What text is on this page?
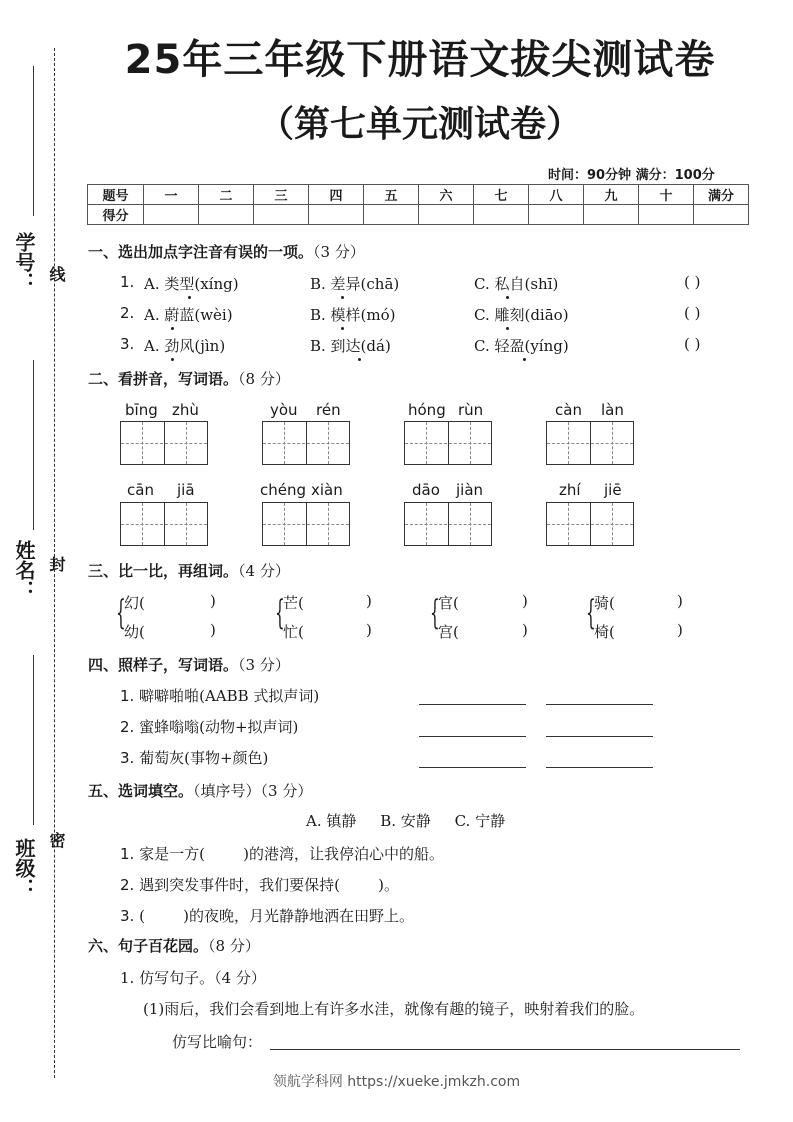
学号：
姓名：
班级：
线
封
密
25年三年级下册语文拔尖测试卷
（第七单元测试卷）
时间：90分钟 满分：100分
题号	一	二	三	四	五	六	七	八	九	十	满分
得分											
一、选出加点字注音有误的一项。（3 分）
1. A. 类型(xíng)	B. 差异(chā)	C. 私自(shī)	( )
2. A. 蔚蓝(wèi)	B. 模样(mó)	C. 雕刻(diāo)	( )
3. A. 劲风(jìn)	B. 到达(dá)	C. 轻盈(yíng)	( )
二、看拼音，写词语。（8 分）
bīng zhù	yòu rén	hóng rùn	càn làn
cān jiā	chéng xiàn	dāo jiàn	zhí jiē
三、比一比，再组词。（4 分）
{
幻(	)
幼(	) {
芒(	)
忙(	) {
官(	)
宫(	) {
骑(	)
椅(	)
四、照样子，写词语。（3 分）
1. 噼噼啪啪(AABB 式拟声词)
2. 蜜蜂嗡嗡(动物+拟声词)
3. 葡萄灰(事物+颜色)
五、选词填空。（填序号）（3 分）
A. 镇静     B. 安静     C. 宁静
1. 家是一方(        )的港湾，让我停泊心中的船。
2. 遇到突发事件时，我们要保持(        )。
3. (        )的夜晚，月光静静地洒在田野上。
六、句子百花园。（8 分）
1. 仿写句子。（4 分）
(1)雨后，我们会看到地上有许多水洼，就像有趣的镜子，映射着我们的脸。
仿写比喻句：
领航学科网 https://xueke.jmkzh.com
